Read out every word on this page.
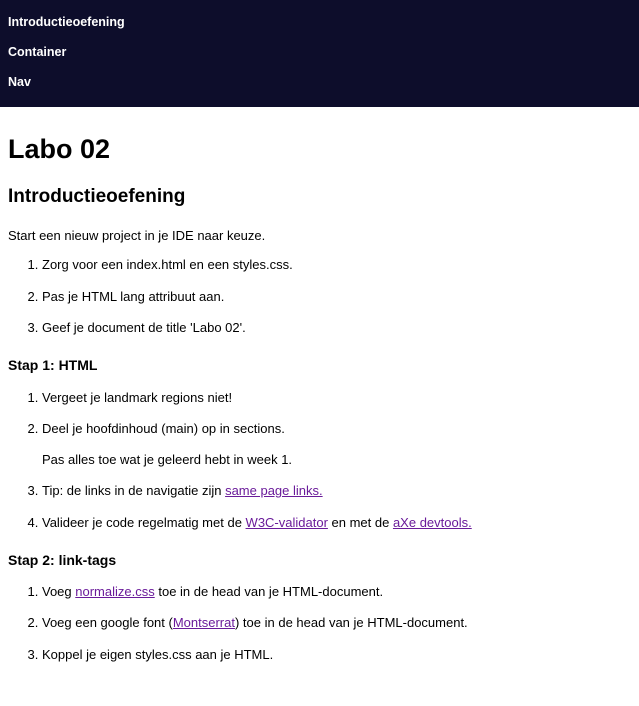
Introductieoefening
Container
Nav
Labo 02
Introductieoefening

Start een nieuw project in je IDE naar keuze.

1. Zorg voor een index.html en een styles.css.
2. Pas je HTML lang attribuut aan.
3. Geef je document de title 'Labo 02'.
Stap 1: HTML
1. Vergeet je landmark regions niet!
2. Deel je hoofdinhoud (main) op in sections.
Pas alles toe wat je geleerd hebt in week 1.
3. Tip: de links in de navigatie zijn same page links.
4. Valideer je code regelmatig met de W3C-validator en met de aXe devtools.
Stap 2: link-tags
1. Voeg normalize.css toe in de head van je HTML-document.
2. Voeg een google font (Montserrat) toe in de head van je HTML-document.
3. Koppel je eigen styles.css aan je HTML.
